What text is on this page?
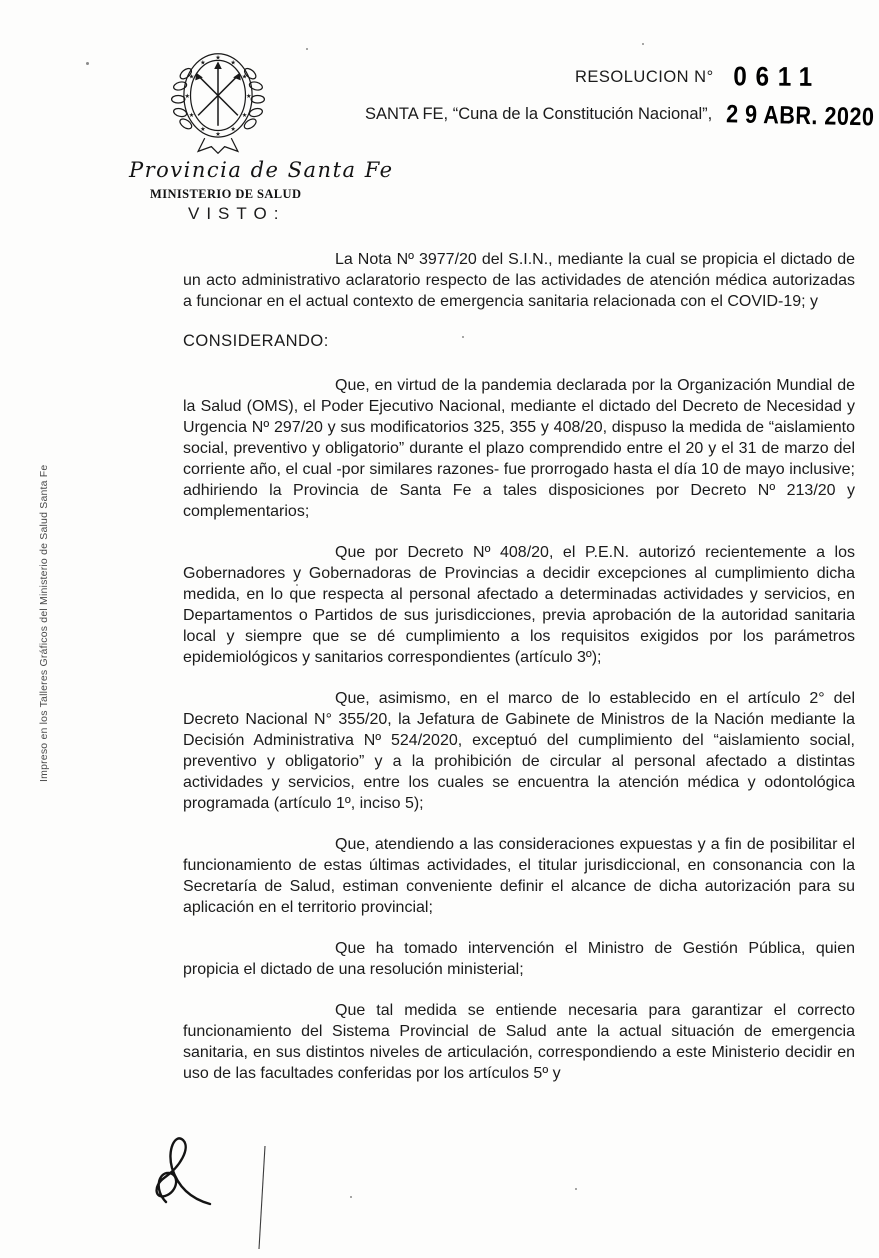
★
★
★
★
★
★
★
★
★
★
★
★	RESOLUCION N° 0611
SANTA FE, “Cuna de la Constitución Nacional”, 2 9 ABR. 2020
Provincia de Santa Fe
MINISTERIO DE SALUD
Impreso en los Talleres Gráficos del Ministerio de Salud Santa Fe
VISTO:

La Nota Nº 3977/20 del S.I.N., mediante la cual se propicia el dictado de un acto administrativo aclaratorio respecto de las actividades de atención médica autorizadas a funcionar en el actual contexto de emergencia sanitaria relacionada con el COVID-19; y

CONSIDERANDO:

Que, en virtud de la pandemia declarada por la Organización Mundial de la Salud (OMS), el Poder Ejecutivo Nacional, mediante el dictado del Decreto de Necesidad y Urgencia Nº 297/20 y sus modificatorios 325, 355 y 408/20, dispuso la medida de “aislamiento social, preventivo y obligatorio” durante el plazo comprendido entre el 20 y el 31 de marzo del corriente año, el cual -por similares razones- fue prorrogado hasta el día 10 de mayo inclusive; adhiriendo la Provincia de Santa Fe a tales disposiciones por Decreto Nº 213/20 y complementarios;

Que por Decreto Nº 408/20, el P.E.N. autorizó recientemente a los Gobernadores y Gobernadoras de Provincias a decidir excepciones al cumplimiento dicha medida, en lo que respecta al personal afectado a determinadas actividades y servicios, en Departamentos o Partidos de sus jurisdicciones, previa aprobación de la autoridad sanitaria local y siempre que se dé cumplimiento a los requisitos exigidos por los parámetros epidemiológicos y sanitarios correspondientes (artículo 3º);

Que, asimismo, en el marco de lo establecido en el artículo 2° del Decreto Nacional N° 355/20, la Jefatura de Gabinete de Ministros de la Nación mediante la Decisión Administrativa Nº 524/2020, exceptuó del cumplimiento del “aislamiento social, preventivo y obligatorio” y a la prohibición de circular al personal afectado a distintas actividades y servicios, entre los cuales se encuentra la atención médica y odontológica programada (artículo 1º, inciso 5);

Que, atendiendo a las consideraciones expuestas y a fin de posibilitar el funcionamiento de estas últimas actividades, el titular jurisdiccional, en consonancia con la Secretaría de Salud, estiman conveniente definir el alcance de dicha autorización para su aplicación en el territorio provincial;

Que ha tomado intervención el Ministro de Gestión Pública, quien propicia el dictado de una resolución ministerial;

Que tal medida se entiende necesaria para garantizar el correcto funcionamiento del Sistema Provincial de Salud ante la actual situación de emergencia sanitaria, en sus distintos niveles de articulación, correspondiendo a este Ministerio decidir en uso de las facultades conferidas por los artículos 5º y
